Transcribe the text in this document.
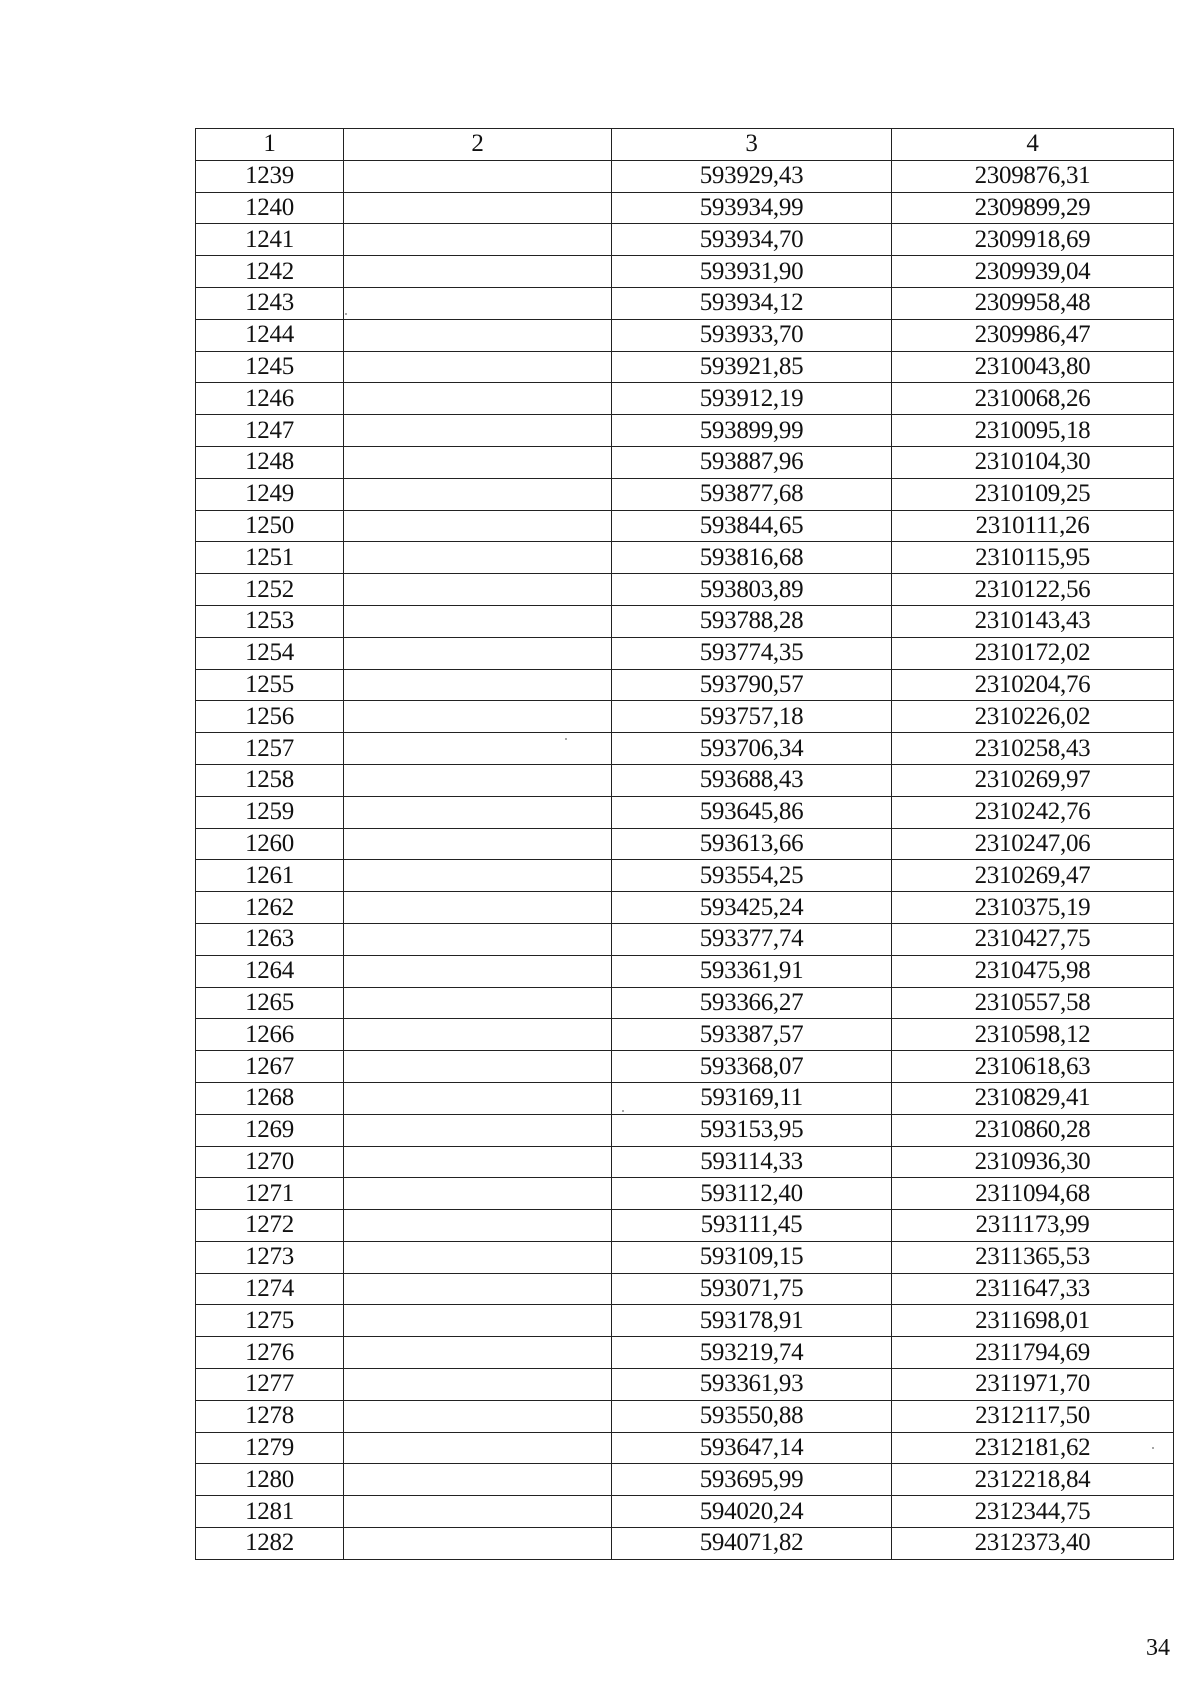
1	2	3	4
1239		593929,43	2309876,31
1240		593934,99	2309899,29
1241		593934,70	2309918,69
1242		593931,90	2309939,04
1243		593934,12	2309958,48
1244		593933,70	2309986,47
1245		593921,85	2310043,80
1246		593912,19	2310068,26
1247		593899,99	2310095,18
1248		593887,96	2310104,30
1249		593877,68	2310109,25
1250		593844,65	2310111,26
1251		593816,68	2310115,95
1252		593803,89	2310122,56
1253		593788,28	2310143,43
1254		593774,35	2310172,02
1255		593790,57	2310204,76
1256		593757,18	2310226,02
1257		593706,34	2310258,43
1258		593688,43	2310269,97
1259		593645,86	2310242,76
1260		593613,66	2310247,06
1261		593554,25	2310269,47
1262		593425,24	2310375,19
1263		593377,74	2310427,75
1264		593361,91	2310475,98
1265		593366,27	2310557,58
1266		593387,57	2310598,12
1267		593368,07	2310618,63
1268		593169,11	2310829,41
1269		593153,95	2310860,28
1270		593114,33	2310936,30
1271		593112,40	2311094,68
1272		593111,45	2311173,99
1273		593109,15	2311365,53
1274		593071,75	2311647,33
1275		593178,91	2311698,01
1276		593219,74	2311794,69
1277		593361,93	2311971,70
1278		593550,88	2312117,50
1279		593647,14	2312181,62
1280		593695,99	2312218,84
1281		594020,24	2312344,75
1282		594071,82	2312373,40
34
